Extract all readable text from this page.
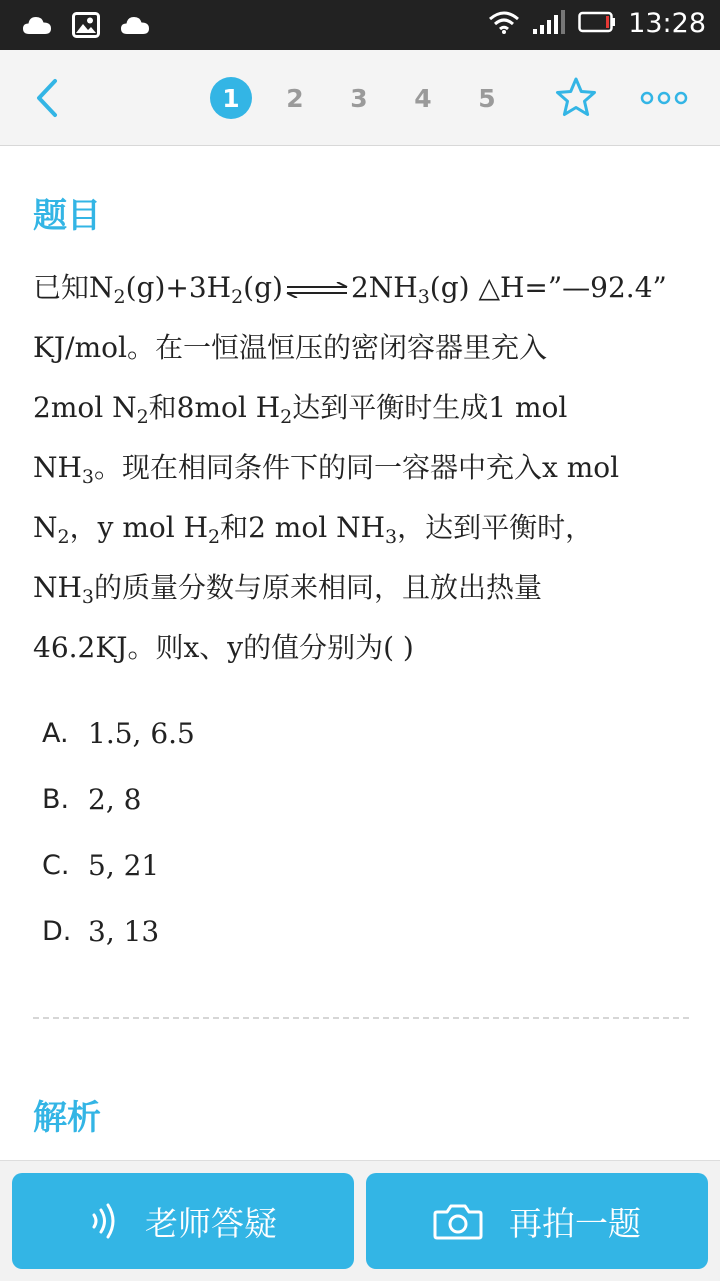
13:28
1	2	3	4	5
题目
已知$N_2(g)+3H_2(g)$ ⇌ $2NH_3(g)$ △H=”—92.4”
KJ/mol。在一恒温恒压的密闭容器里充入
2mol $N_2$和8mol $H_2$达到平衡时生成1 mol
$NH_3$。现在相同条件下的同一容器中充入x mol
$N_2$，y mol $H_2$和2 mol $NH_3$，达到平衡时，
$NH_3$的质量分数与原来相同，且放出热量
46.2KJ。则x、y的值分别为( )
A. 1.5, 6.5
B. 2, 8
C. 5, 21
D. 3, 13
解析
老师答疑	再拍一题
